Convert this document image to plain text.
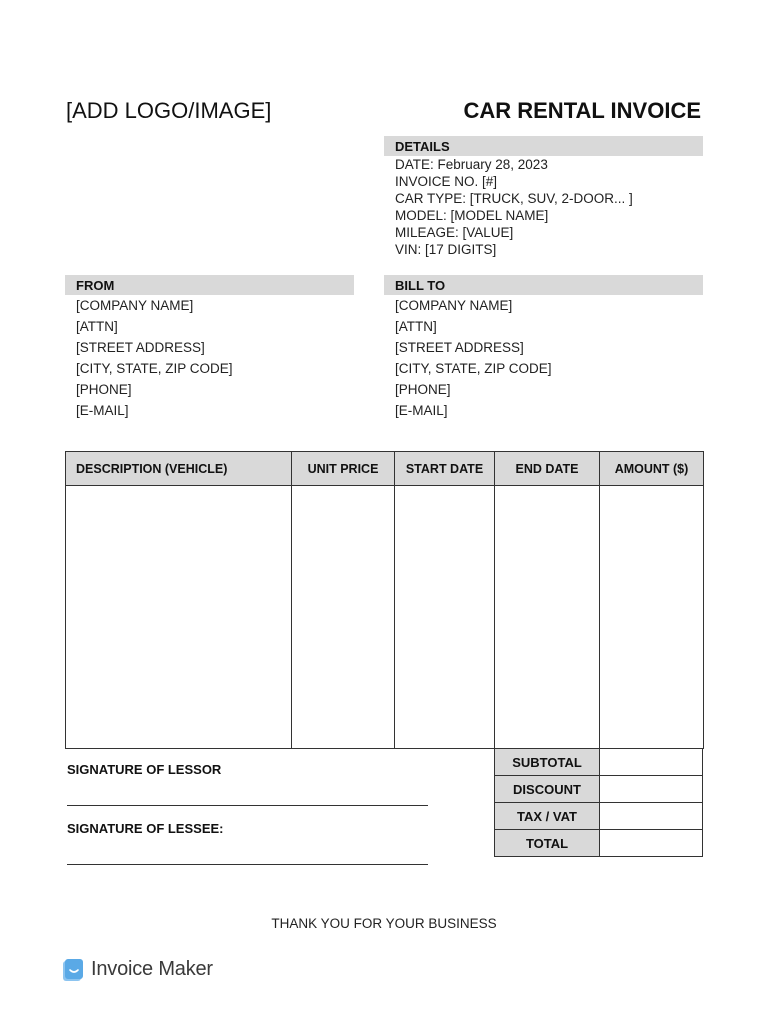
[ADD LOGO/IMAGE]	CAR RENTAL INVOICE
DETAILS
DATE: February 28, 2023
INVOICE NO. [#]
CAR TYPE: [TRUCK, SUV, 2-DOOR... ]
MODEL: [MODEL NAME]
MILEAGE: [VALUE]
VIN: [17 DIGITS]
FROM
[COMPANY NAME]
[ATTN]
[STREET ADDRESS]
[CITY, STATE, ZIP CODE]
[PHONE]
[E-MAIL]
BILL TO
[COMPANY NAME]
[ATTN]
[STREET ADDRESS]
[CITY, STATE, ZIP CODE]
[PHONE]
[E-MAIL]
DESCRIPTION (VEHICLE)	UNIT PRICE	START DATE	END DATE	AMOUNT ($)

SUBTOTAL	
DISCOUNT	
TAX / VAT	
TOTAL	
SIGNATURE OF LESSOR
SIGNATURE OF LESSEE:
THANK YOU FOR YOUR BUSINESS
Invoice Maker
